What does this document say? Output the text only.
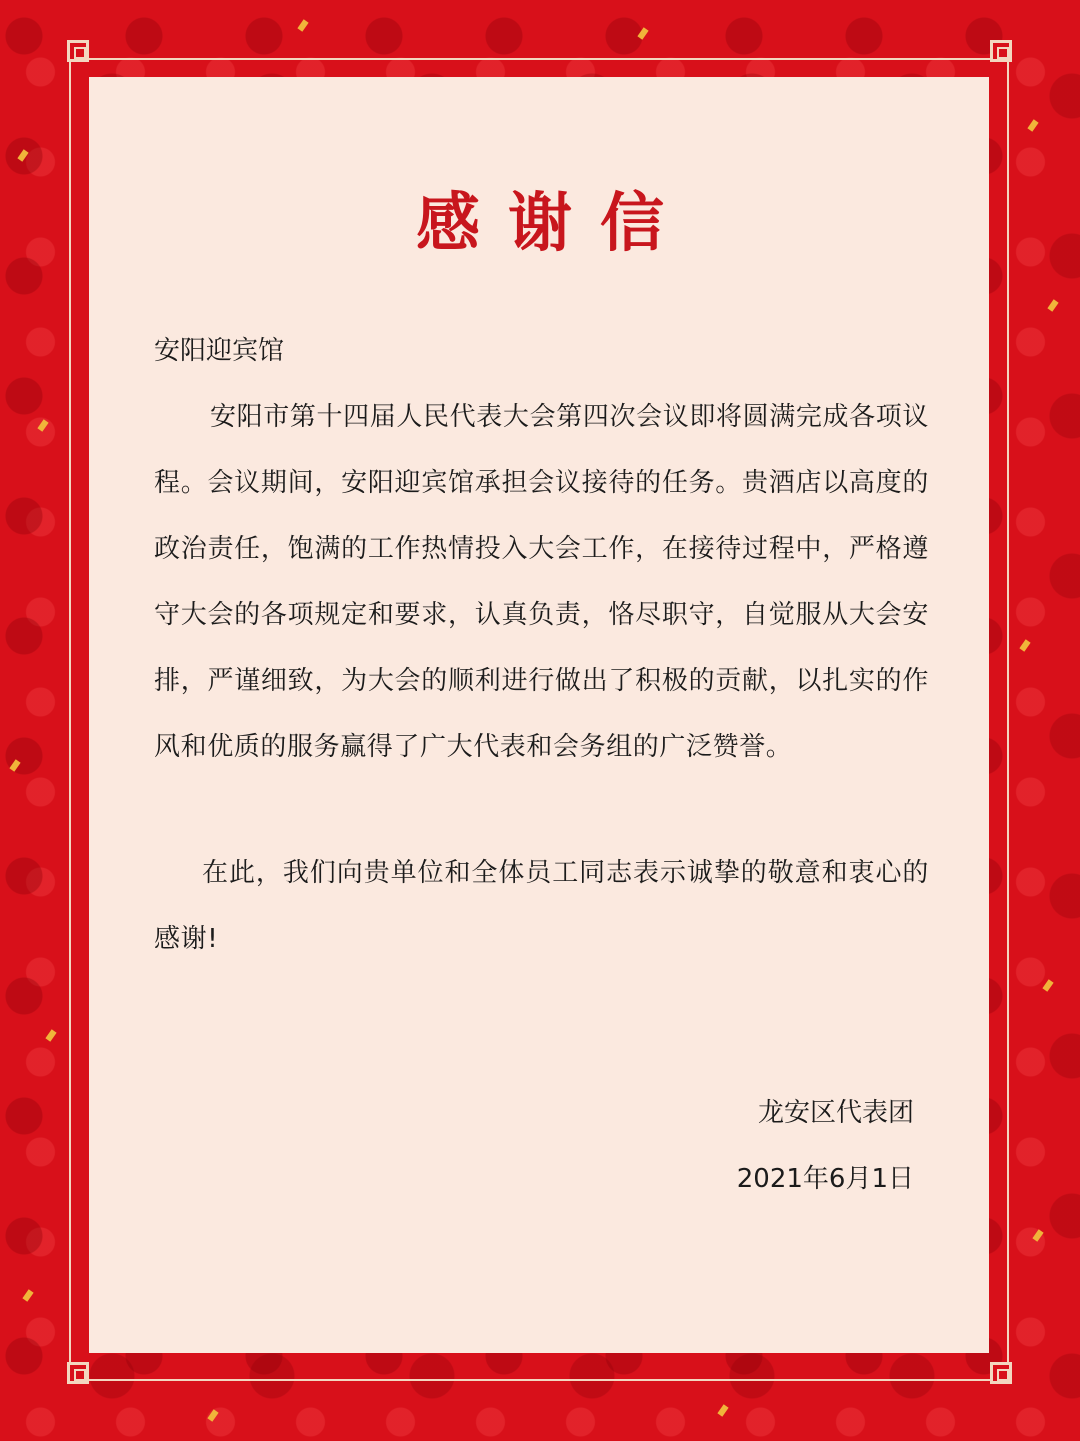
感谢信
安阳迎宾馆
安阳市第十四届人民代表大会第四次会议即将圆满完成各项议程。会议期间，安阳迎宾馆承担会议接待的任务。贵酒店以高度的政治责任，饱满的工作热情投入大会工作，在接待过程中，严格遵守大会的各项规定和要求，认真负责，恪尽职守，自觉服从大会安排，严谨细致，为大会的顺利进行做出了积极的贡献，以扎实的作风和优质的服务赢得了广大代表和会务组的广泛赞誉。
在此，我们向贵单位和全体员工同志表示诚挚的敬意和衷心的感谢!
龙安区代表团
2021年6月1日
